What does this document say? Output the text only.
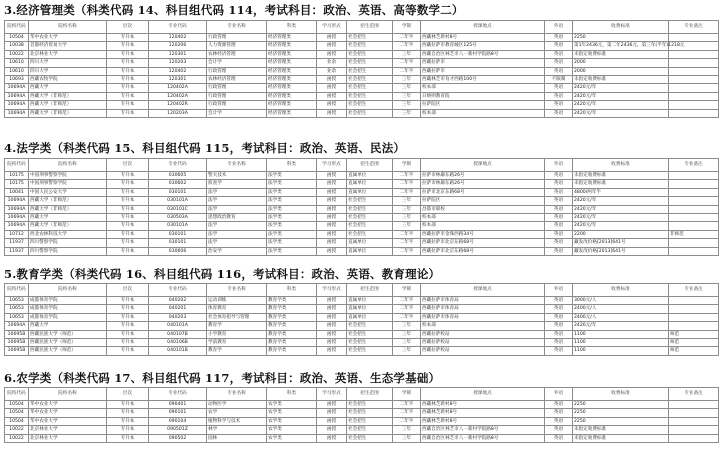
3.经济管理类（科类代码 14、科目组代码 114，考试科目：政治、英语、高等数学二）
院校代码	院校名称	层次	专业代码	专业名称	科类	学习形式	招生范围	学制	授课地点	外语	收费标准	专业备注
10504	华中农业大学	专升本	120402	行政管理	经济管理类	函授	社会招生	二年半	西藏林芝新村8号	英语	2250	
10038	首都经济贸易大学	专升本	120206	人力资源管理	经济管理类	函授	社会招生	二年半	西藏拉萨市教育城区125号	英语	第1年2436元，第二年2436元，第三年(半年)1218元	
10022	北京林业大学	专升本	120301	农林经济管理	经济管理类	函授	社会招生	三年	西藏自治区林芝市八一新村学院路8号	英语	未指定收费标准	
10610	四川大学	专升本	120203	会计学	经济管理类	业余	社会招生	二年半	西藏拉萨市	英语	2000	
10610	四川大学	专升本	120402	行政管理	经济管理类	业余	社会招生	二年半	西藏拉萨市	英语	2000	
10693	西藏农牧学院	专升本	120301	农林经济管理	经济管理类	函授	社会招生	三年	西藏林芝市育才西路100号	不限制	未指定收费标准	
10694A	西藏大学	专升本	120402A	行政管理	经济管理类	函授	社会招生	三年	校本部	英语	2420元/年	
10694A	西藏大学（非师范）	专升本	120402A	行政管理	经济管理类	函授	社会招生	三年	日喀则教育院	英语	2420元/年	
10694A	西藏大学（非师范）	专升本	120402R	行政管理	经济管理类	函授	社会招生	三年	拉萨院区	英语	2420元/年	
10694A	西藏大学（非师范）	专升本	120203A	会计学	经济管理类	函授	社会招生	三年	校本部	英语	2420元/年	
4.法学类（科类代码 15、科目组代码 115，考试科目：政治、英语、民法）
院校代码	院校名称	层次	专业代码	专业名称	科类	学习形式	招生范围	学制	授课地点	外语	收费标准	专业备注
10175	中国刑事警察学院	专升本	030605	警犬技术	法学类	函授	直属单位	二年半	拉萨市林廓东路26号	英语	未指定收费标准	
10175	中国刑事警察学院	专升本	030602	侦查学	法学类	函授	直属单位	二年半	拉萨市林廓东路26号	英语	未指定收费标准	
10041	中国人民公安大学	专升本	030101	法学	法学类	函授	直属单位	二年半	拉萨市北京东路68号	英语	4800/两年半	
10694A	西藏大学（非师范）	专升本	030101A	法学	法学类	函授	社会招生	三年	拉萨院区	英语	2420元/年	
10694A	西藏大学（非师范）	专升本	030101C	法学	法学类	函授	社会招生	三年	昌都市职校	英语	2420元/年	
10694A	西藏大学	专升本	030503A	思想政治教育	法学类	函授	社会招生	三年	校本部	英语	2420元/年	
10694A	西藏大学（非师范）	专升本	030101A	法学	法学类	函授	社会招生	三年	校本部	英语	2420元/年	
10712	西北农林科技大学	专升本	030101	法学	法学类	函授	社会招生	二年半	西藏拉萨市金珠西路34号	英语	2200	非师范
11937	四川警察学院	专升本	030101	法学	法学类	函授	直属单位	二年半	西藏拉萨市北京东路68号	英语	藏发改价格[2013]641号	
11937	四川警察学院	专升本	030606	治安学	法学类	函授	直属单位	二年半	西藏拉萨市北京东路68号	英语	藏发改价格[2013]641号	
5.教育学类（科类代码 16、科目组代码 116，考试科目：政治、英语、教育理论）
院校代码	院校名称	层次	专业代码	专业名称	科类	学习形式	招生范围	学制	授课地点	外语	收费标准	专业备注
10653	成都体育学院	专升本	040202	运动训练	教育学类	函授	直属单位	二年半	西藏拉萨市体育局	英语	3000元/人	
10653	成都体育学院	专升本	040201	体育教育	教育学类	函授	直属单位	二年半	西藏拉萨市体育局	英语	2400元/人	
10653	成都体育学院	专升本	040203	社会体育指导与管理	教育学类	函授	直属单位	二年半	西藏拉萨市体育局	英语	2400元/人	
10694A	西藏大学	专升本	040101A	教育学	教育学类	函授	社会招生	三年	校本部	英语	2420元/年	
10695B	西藏民族大学（师范）	专升本	040107B	小学教育	教育学类	函授	社会招生	三年	西藏拉萨校站	英语	1100	师范
10695B	西藏民族大学（师范）	专升本	040106B	学前教育	教育学类	函授	社会招生	三年	西藏拉萨校站	英语	1100	师范
10695B	西藏民族大学（师范）	专升本	040101B	教育学	教育学类	函授	社会招生	三年	西藏拉萨校站	英语	1100	师范
6.农学类（科类代码 17、科目组代码 117，考试科目：政治、英语、生态学基础）
院校代码	院校名称	层次	专业代码	专业名称	科类	学习形式	招生范围	学制	授课地点	外语	收费标准	专业备注
10504	华中农业大学	专升本	090401	动物医学	农学类	函授	社会招生	二年半	西藏林芝新村8号	英语	2250	
10504	华中农业大学	专升本	090101	农学	农学类	函授	社会招生	二年半	西藏林芝新村8号	英语	2250	
10504	华中农业大学	专升本	090104	植物科学与技术	农学类	函授	社会招生	二年半	西藏林芝新村8号	英语	2250	
10022	北京林业大学	专升本	090501Z	林学	农学类	函授	社会招生	三年	西藏自治区林芝市八一新村学院路8号	英语	未指定收费标准	
10022	北京林业大学	专升本	090502	园林	农学类	函授	社会招生	三年	西藏自治区林芝市八一新村学院路8号	英语	未指定收费标准	
